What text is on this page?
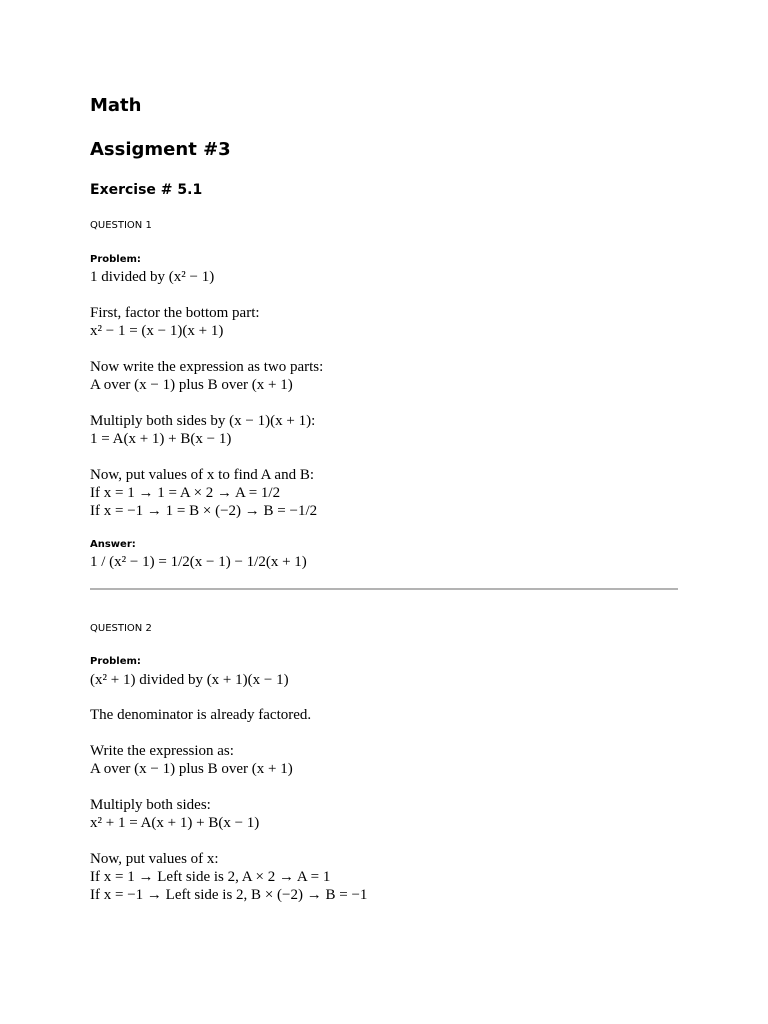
Math
Assigment #3
Exercise # 5.1
QUESTION 1
Problem:
1 divided by (x² − 1)
First, factor the bottom part:
x² − 1 = (x − 1)(x + 1)
Now write the expression as two parts:
A over (x − 1) plus B over (x + 1)
Multiply both sides by (x − 1)(x + 1):
1 = A(x + 1) + B(x − 1)
Now, put values of x to find A and B:
If x = 1 → 1 = A × 2 → A = 1/2
If x = −1 → 1 = B × (−2) → B = −1/2
Answer:
1 / (x² − 1) = 1/2(x − 1) − 1/2(x + 1)
QUESTION 2
Problem:
(x² + 1) divided by (x + 1)(x − 1)
The denominator is already factored.
Write the expression as:
A over (x − 1) plus B over (x + 1)
Multiply both sides:
x² + 1 = A(x + 1) + B(x − 1)
Now, put values of x:
If x = 1 → Left side is 2, A × 2 → A = 1
If x = −1 → Left side is 2, B × (−2) → B = −1
